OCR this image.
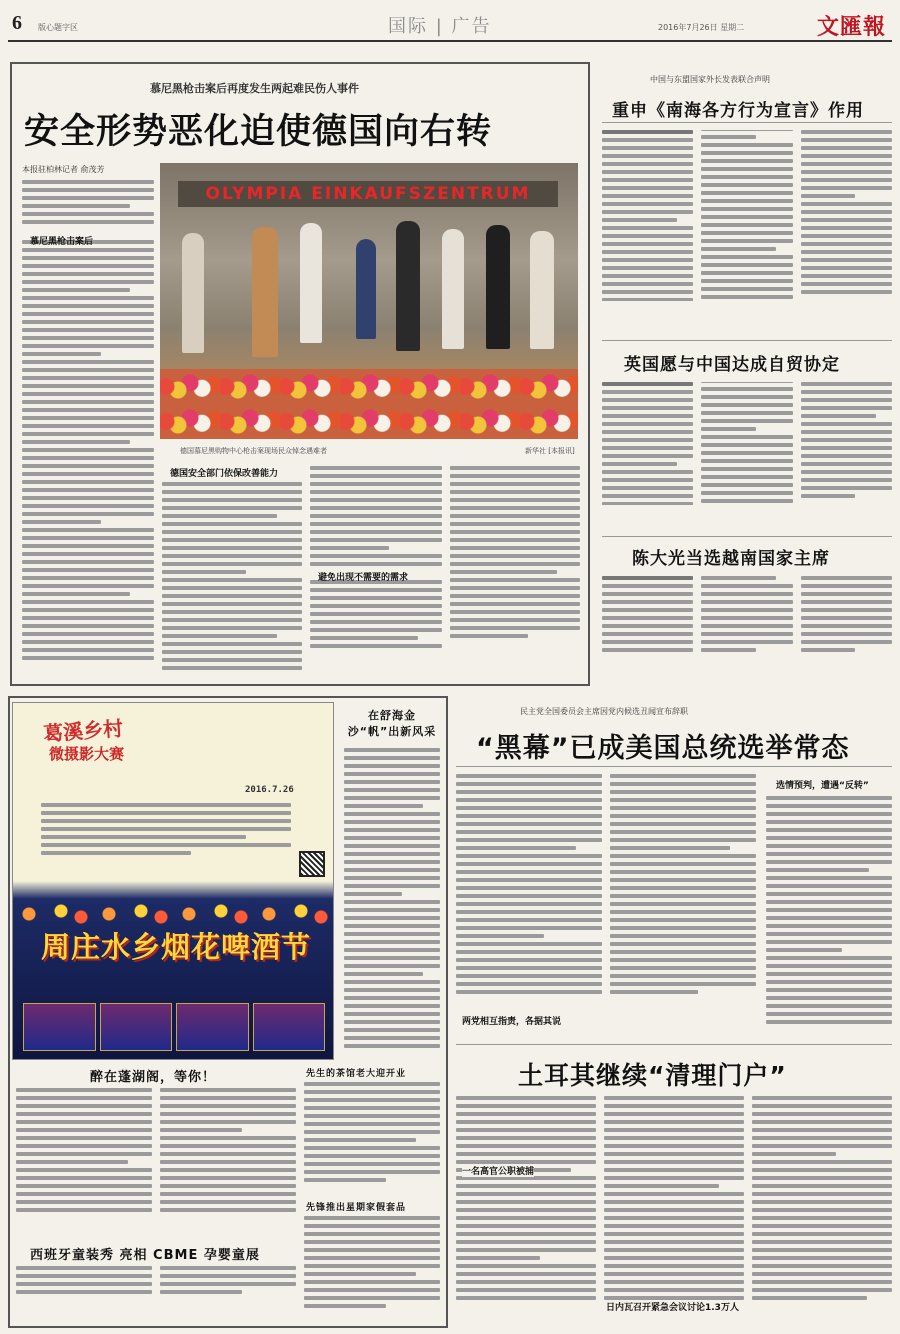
6 版心题字区	国际 | 广告	2016年7月26日 星期二	文匯報
慕尼黑枪击案后再度发生两起难民伤人事件
安全形势恶化迫使德国向右转
本报驻柏林记者 俞茂芳
慕尼黑枪击案后
OLYMPIA EINKAUFSZENTRUM
德国慕尼黑购物中心枪击案现场民众悼念遇难者	新华社 [本报讯]
德国安全部门依保改善能力
避免出现不需要的需求
中国与东盟国家外长发表联合声明
重申《南海各方行为宣言》作用
英国愿与中国达成自贸协定
陈大光当选越南国家主席
葛溪乡村
微摄影大赛
2016.7.26
周庄水乡烟花啤酒节
在舒海金沙“帆”出新风采
醉在蓬湖阁，等你！
西班牙童装秀 亮相 CBME 孕婴童展
先生的茶馆老大迎开业
先锋推出星期家假套品
民主党全国委员会主席因党内候选丑闻宣布辞职
“黑幕”已成美国总统选举常态
选情预判，遭遇“反转”
两党相互指责，各据其说
土耳其继续“清理门户”
一名高官公职被捕
日内瓦召开紧急会议讨论1.3万人
